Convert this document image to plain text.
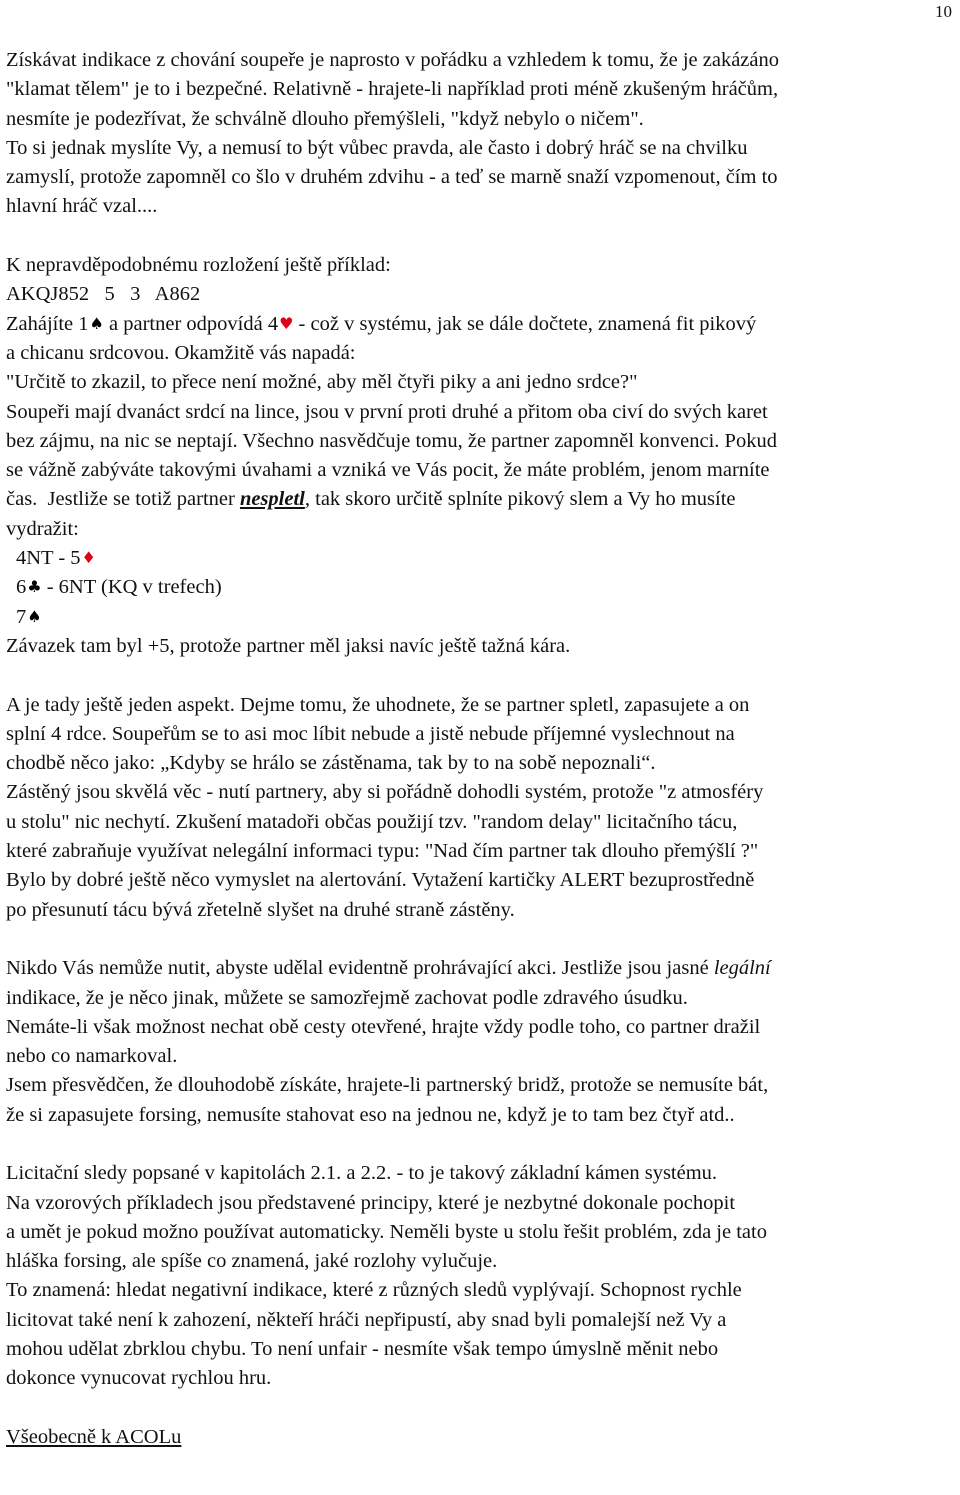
10
Získávat indikace z chování soupeře je naprosto v pořádku a vzhledem k tomu, že je zakázáno
"klamat tělem" je to i bezpečné. Relativně - hrajete-li například proti méně zkušeným hráčům,
nesmíte je podezřívat, že schválně dlouho přemýšleli, "když nebylo o ničem".
To si jednak myslíte Vy, a nemusí to být vůbec pravda, ale často i dobrý hráč se na chvilku
zamyslí, protože zapomněl co šlo v druhém zdvihu - a teď se marně snaží vzpomenout, čím to
hlavní hráč vzal....
K nepravděpodobnému rozložení ještě příklad:
AKQJ852   5   3   A862
Zahájíte 1♠ a partner odpovídá 4♥ - což v systému, jak se dále dočtete, znamená fit pikový
a chicanu srdcovou. Okamžitě vás napadá:
"Určitě to zkazil, to přece není možné, aby měl čtyři piky a ani jedno srdce?"
Soupeři mají dvanáct srdcí na lince, jsou v první proti druhé a přitom oba civí do svých karet
bez zájmu, na nic se neptají. Všechno nasvědčuje tomu, že partner zapomněl konvenci. Pokud
se vážně zabýváte takovými úvahami a vzniká ve Vás pocit, že máte problém, jenom marníte
čas.  Jestliže se totiž partner nespletl, tak skoro určitě splníte pikový slem a Vy ho musíte
vydražit:
4NT - 5♦
6♣ - 6NT (KQ v trefech)
7♠
Závazek tam byl +5, protože partner měl jaksi navíc ještě tažná kára.
A je tady ještě jeden aspekt. Dejme tomu, že uhodnete, že se partner spletl, zapasujete a on
splní 4 rdce. Soupeřům se to asi moc líbit nebude a jistě nebude příjemné vyslechnout na
chodbě něco jako: „Kdyby se hrálo se zástěnama, tak by to na sobě nepoznali“.
Zástěný jsou skvělá věc - nutí partnery, aby si pořádně dohodli systém, protože "z atmosféry
u stolu" nic nechytí. Zkušení matadoři občas použijí tzv. "random delay" licitačního tácu,
které zabraňuje využívat nelegální informaci typu: "Nad čím partner tak dlouho přemýšlí ?"
Bylo by dobré ještě něco vymyslet na alertování. Vytažení kartičky ALERT bezuprostředně
po přesunutí tácu bývá zřetelně slyšet na druhé straně zástěny.
Nikdo Vás nemůže nutit, abyste udělal evidentně prohrávající akci. Jestliže jsou jasné legální
indikace, že je něco jinak, můžete se samozřejmě zachovat podle zdravého úsudku.
Nemáte-li však možnost nechat obě cesty otevřené, hrajte vždy podle toho, co partner dražil
nebo co namarkoval.
Jsem přesvědčen, že dlouhodobě získáte, hrajete-li partnerský bridž, protože se nemusíte bát,
že si zapasujete forsing, nemusíte stahovat eso na jednou ne, když je to tam bez čtyř atd..
Licitační sledy popsané v kapitolách 2.1. a 2.2. - to je takový základní kámen systému.
Na vzorových příkladech jsou představené principy, které je nezbytné dokonale pochopit
a umět je pokud možno používat automaticky. Neměli byste u stolu řešit problém, zda je tato
hláška forsing, ale spíše co znamená, jaké rozlohy vylučuje.
To znamená: hledat negativní indikace, které z různých sledů vyplývají. Schopnost rychle
licitovat také není k zahození, někteří hráči nepřipustí, aby snad byli pomalejší než Vy a
mohou udělat zbrklou chybu. To není unfair - nesmíte však tempo úmyslně měnit nebo
dokonce vynucovat rychlou hru.
Všeobecně k ACOLu
